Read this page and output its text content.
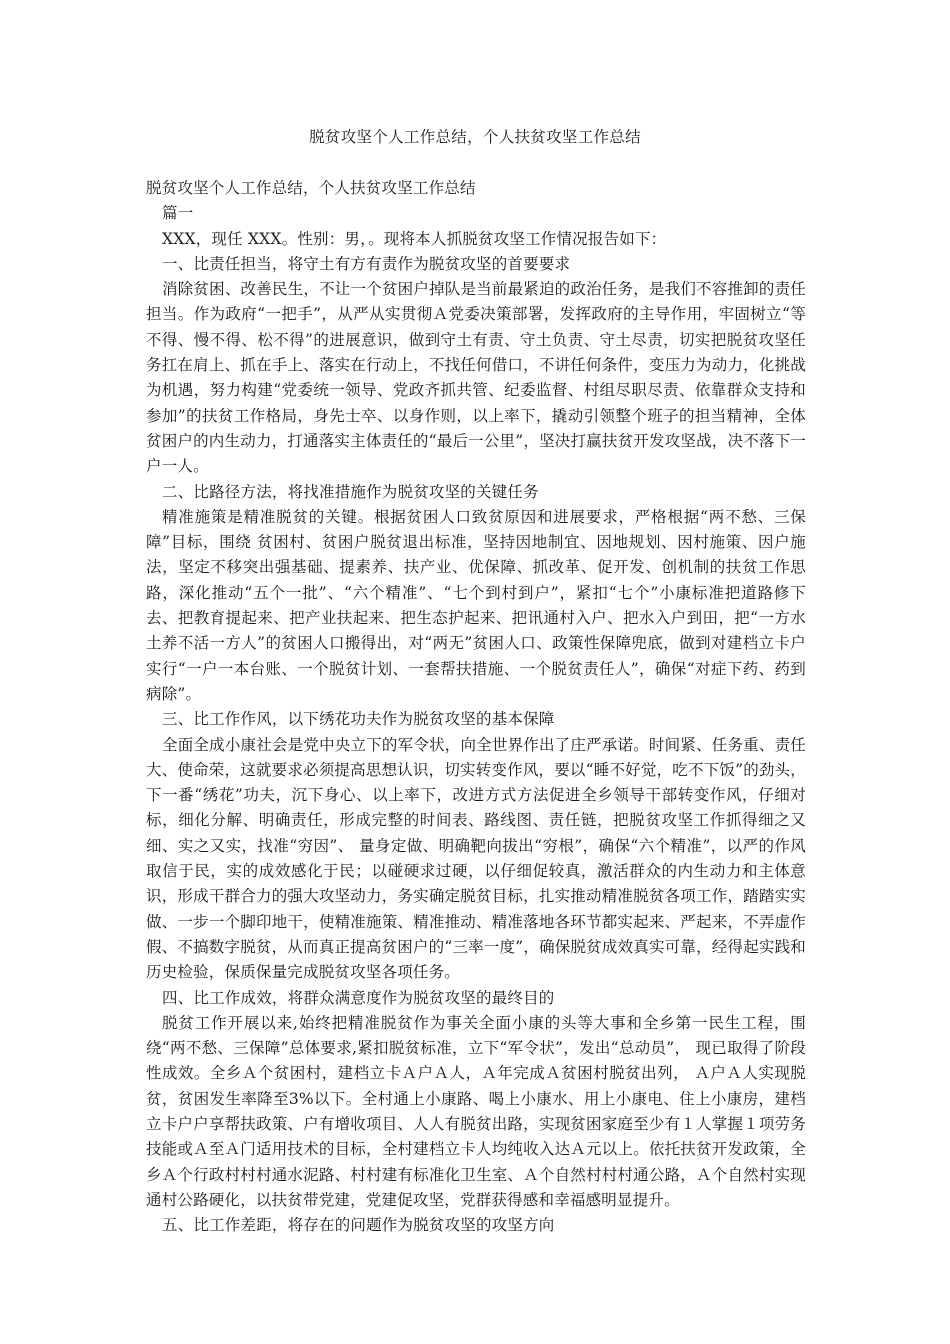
脱贫攻坚个人工作总结，个人扶贫攻坚工作总结

脱贫攻坚个人工作总结，个人扶贫攻坚工作总结

篇一

XXX，现任 XXX。性别：男，。现将本人抓脱贫攻坚工作情况报告如下：

一、比责任担当，将守土有方有责作为脱贫攻坚的首要要求

消除贫困、改善民生，不让一个贫困户掉队是当前最紧迫的政治任务，是我们不容推卸的责任担当。作为政府“一把手”，从严从实贯彻Ａ党委决策部署，发挥政府的主导作用，牢固树立“等不得、慢不得、松不得”的进展意识，做到守土有责、守土负责、守土尽责，切实把脱贫攻坚任务扛在肩上、抓在手上、落实在行动上，不找任何借口，不讲任何条件，变压力为动力，化挑战为机遇，努力构建“党委统一领导、党政齐抓共管、纪委监督、村组尽职尽责、依靠群众支持和参加”的扶贫工作格局，身先士卒、以身作则，以上率下，撬动引领整个班子的担当精神，全体贫困户的内生动力，打通落实主体责任的“最后一公里”，坚决打赢扶贫开发攻坚战，决不落下一户一人。

二、比路径方法，将找准措施作为脱贫攻坚的关键任务

精准施策是精准脱贫的关键。根据贫困人口致贫原因和进展要求，严格根据“两不愁、三保障”目标，围绕 贫困村、贫困户脱贫退出标准，坚持因地制宜、因地规划、因村施策、因户施法，坚定不移突出强基础、提素养、扶产业、优保障、抓改革、促开发、创机制的扶贫工作思路，深化推动“五个一批”、“六个精准”、“七个到村到户”，紧扣“七个”小康标准把道路修下去、把教育提起来、把产业扶起来、把生态护起来、把讯通村入户、把水入户到田，把“一方水土养不活一方人”的贫困人口搬得出，对“两无”贫困人口、政策性保障兜底，做到对建档立卡户实行“一户一本台账、一个脱贫计划、一套帮扶措施、一个脱贫责任人”，确保“对症下药、药到病除”。

三、比工作作风，以下绣花功夫作为脱贫攻坚的基本保障

全面全成小康社会是党中央立下的军令状，向全世界作出了庄严承诺。时间紧、任务重、责任大、使命荣，这就要求必须提高思想认识，切实转变作风，要以“睡不好觉，吃不下饭”的劲头，下一番“绣花”功夫，沉下身心、以上率下，改进方式方法促进全乡领导干部转变作风，仔细对标，细化分解、明确责任，形成完整的时间表、路线图、责任链，把脱贫攻坚工作抓得细之又细、实之又实，找准“穷因”、 量身定做、明确靶向拔出“穷根”，确保“六个精准”，以严的作风取信于民，实的成效感化于民；以碰硬求过硬，以仔细促较真，激活群众的内生动力和主体意识，形成干群合力的强大攻坚动力，务实确定脱贫目标，扎实推动精准脱贫各项工作，踏踏实实做、一步一个脚印地干，使精准施策、精准推动、精准落地各环节都实起来、严起来，不弄虚作假、不搞数字脱贫，从而真正提高贫困户的“三率一度”，确保脱贫成效真实可靠，经得起实践和历史检验，保质保量完成脱贫攻坚各项任务。

四、比工作成效，将群众满意度作为脱贫攻坚的最终目的

脱贫工作开展以来,始终把精准脱贫作为事关全面小康的头等大事和全乡第一民生工程，围绕“两不愁、三保障”总体要求,紧扣脱贫标准，立下“军令状”，发出“总动员”， 现已取得了阶段性成效。全乡Ａ个贫困村，建档立卡Ａ户Ａ人，Ａ年完成Ａ贫困村脱贫出列， Ａ户Ａ人实现脱贫，贫困发生率降至3%以下。全村通上小康路、喝上小康水、用上小康电、住上小康房，建档立卡户户享帮扶政策、户有增收项目、人人有脱贫出路，实现贫困家庭至少有１人掌握１项劳务技能或Ａ至Ａ门适用技术的目标，全村建档立卡人均纯收入达Ａ元以上。依托扶贫开发政策，全乡Ａ个行政村村村通水泥路、村村建有标准化卫生室、Ａ个自然村村村通公路，Ａ个自然村实现通村公路硬化，以扶贫带党建，党建促攻坚，党群获得感和幸福感明显提升。

五、比工作差距，将存在的问题作为脱贫攻坚的攻坚方向
